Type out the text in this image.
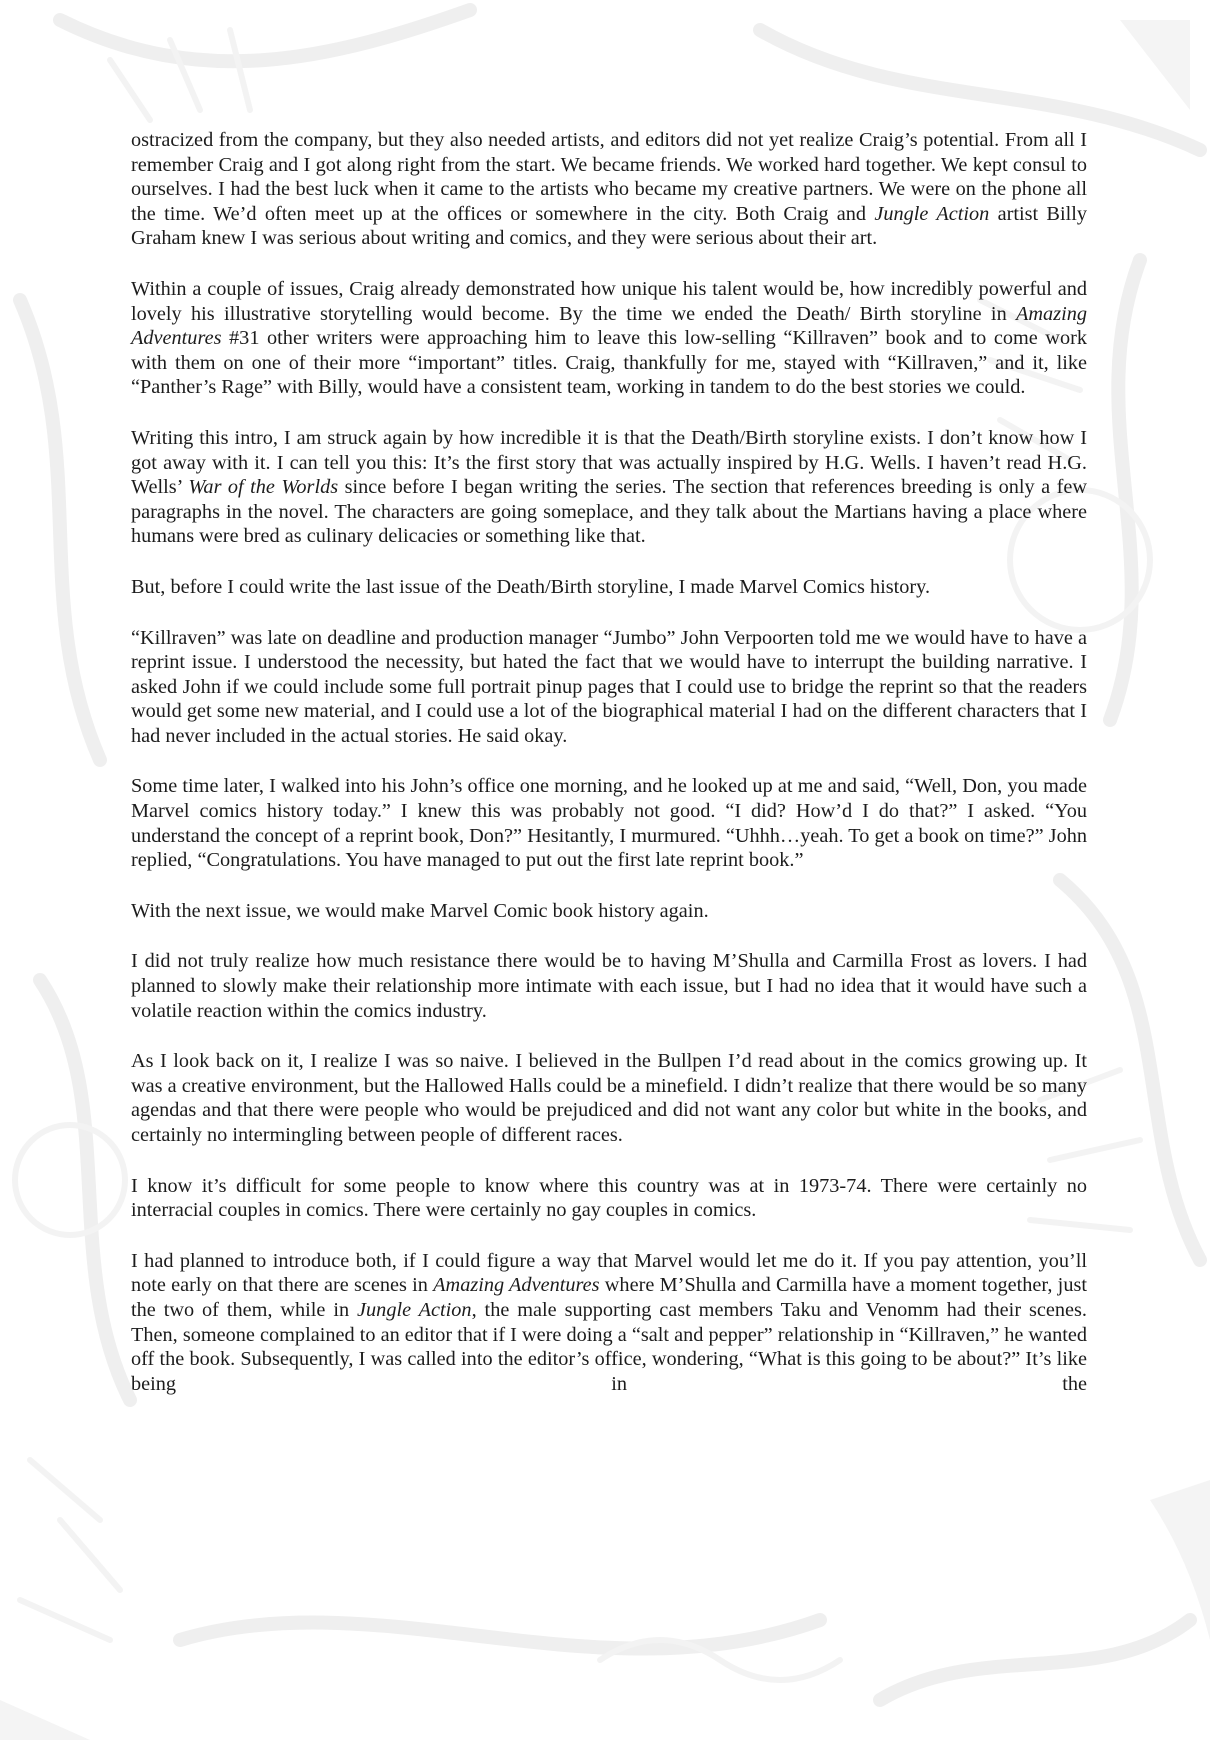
ostracized from the company, but they also needed artists, and editors did not yet realize Craig’s potential. From all I remember Craig and I got along right from the start. We became friends. We worked hard together. We kept consul to ourselves. I had the best luck when it came to the artists who became my creative partners. We were on the phone all the time. We’d often meet up at the offices or somewhere in the city. Both Craig and Jungle Action artist Billy Graham knew I was serious about writing and comics, and they were serious about their art.

Within a couple of issues, Craig already demonstrated how unique his talent would be, how incredibly powerful and lovely his illustrative storytelling would become. By the time we ended the Death/ Birth storyline in Amazing Adventures #31 other writers were approaching him to leave this low-selling “Killraven” book and to come work with them on one of their more “important” titles. Craig, thankfully for me, stayed with “Killraven,” and it, like “Panther’s Rage” with Billy, would have a consistent team, working in tandem to do the best stories we could.

Writing this intro, I am struck again by how incredible it is that the Death/Birth storyline exists. I don’t know how I got away with it. I can tell you this: It’s the first story that was actually inspired by H.G. Wells. I haven’t read H.G. Wells’ War of the Worlds since before I began writing the series. The section that references breeding is only a few paragraphs in the novel. The characters are going someplace, and they talk about the Martians having a place where humans were bred as culinary delicacies or something like that.

But, before I could write the last issue of the Death/Birth storyline, I made Marvel Comics history.

“Killraven” was late on deadline and production manager “Jumbo” John Verpoorten told me we would have to have a reprint issue. I understood the necessity, but hated the fact that we would have to interrupt the building narrative. I asked John if we could include some full portrait pinup pages that I could use to bridge the reprint so that the readers would get some new material, and I could use a lot of the biographical material I had on the different characters that I had never included in the actual stories. He said okay.

Some time later, I walked into his John’s office one morning, and he looked up at me and said, “Well, Don, you made Marvel comics history today.” I knew this was probably not good. “I did? How’d I do that?” I asked. “You understand the concept of a reprint book, Don?” Hesitantly, I murmured. “Uhhh…yeah. To get a book on time?” John replied, “Congratulations. You have managed to put out the first late reprint book.”

With the next issue, we would make Marvel Comic book history again.

I did not truly realize how much resistance there would be to having M’Shulla and Carmilla Frost as lovers. I had planned to slowly make their relationship more intimate with each issue, but I had no idea that it would have such a volatile reaction within the comics industry.

As I look back on it, I realize I was so naive. I believed in the Bullpen I’d read about in the comics growing up. It was a creative environment, but the Hallowed Halls could be a minefield. I didn’t realize that there would be so many agendas and that there were people who would be prejudiced and did not want any color but white in the books, and certainly no intermingling between people of different races.

I know it’s difficult for some people to know where this country was at in 1973-74. There were certainly no interracial couples in comics. There were certainly no gay couples in comics.

I had planned to introduce both, if I could figure a way that Marvel would let me do it. If you pay attention, you’ll note early on that there are scenes in Amazing Adventures where M’Shulla and Carmilla have a moment together, just the two of them, while in Jungle Action, the male supporting cast members Taku and Venomm had their scenes. Then, someone complained to an editor that if I were doing a “salt and pepper” relationship in “Killraven,” he wanted off the book. Subsequently, I was called into the editor’s office, wondering, “What is this going to be about?” It’s like being in the
